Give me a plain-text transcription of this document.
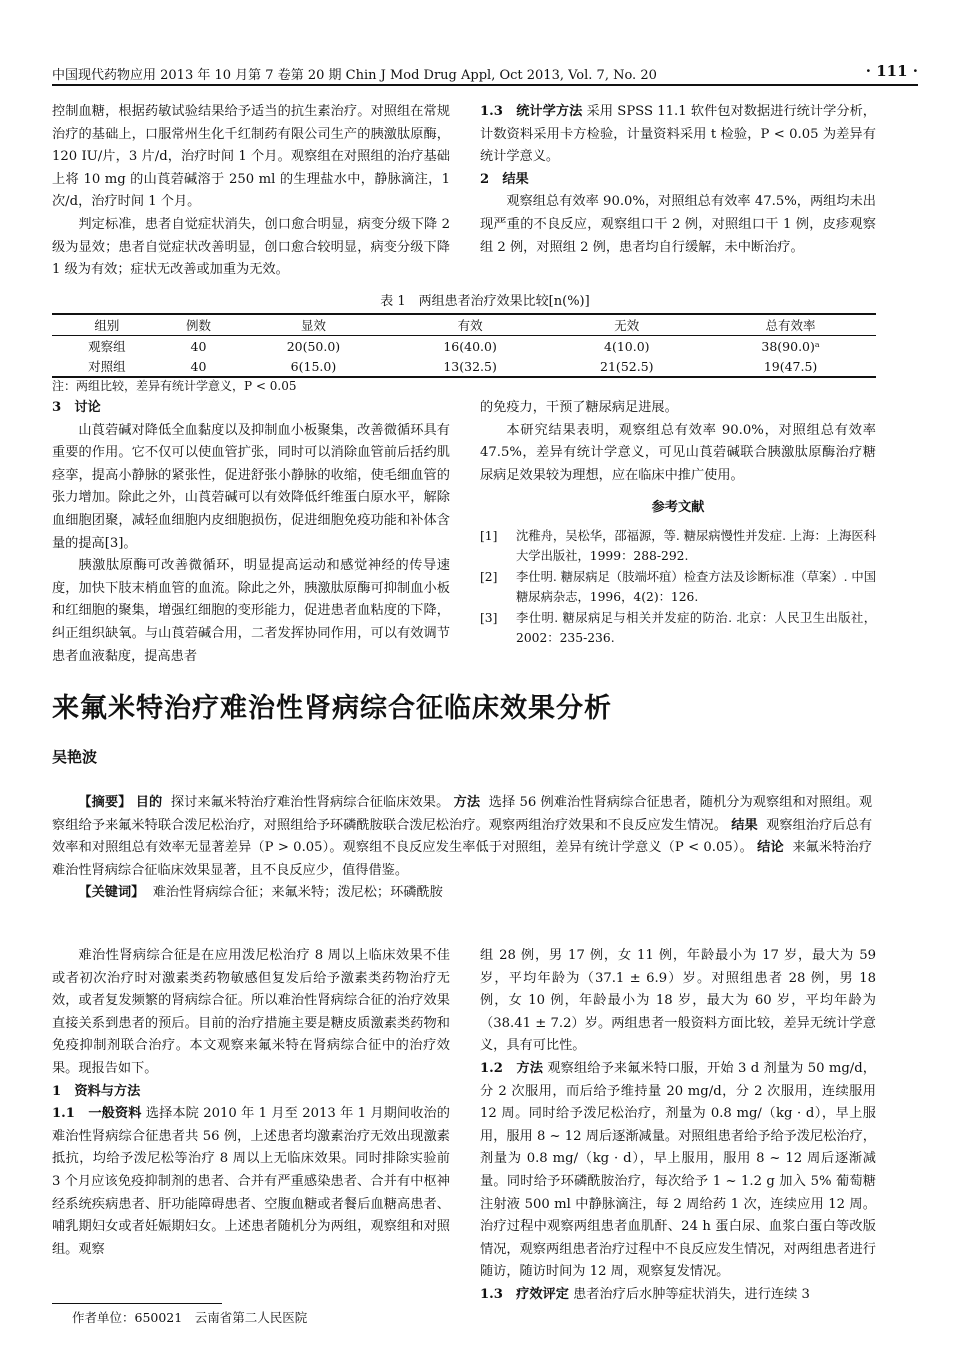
中国现代药物应用 2013 年 10 月第 7 卷第 20 期 Chin J Mod Drug Appl, Oct 2013, Vol. 7, No. 20	· 111 ·

控制血糖，根据药敏试验结果给予适当的抗生素治疗。对照组在常规治疗的基础上，口服常州生化千红制药有限公司生产的胰激肽原酶，120 IU/片，3 片/d，治疗时间 1 个月。观察组在对照组的治疗基础上将 10 mg 的山莨菪碱溶于 250 ml 的生理盐水中，静脉滴注，1 次/d，治疗时间 1 个月。

判定标准，患者自觉症状消失，创口愈合明显，病变分级下降 2 级为显效；患者自觉症状改善明显，创口愈合较明显，病变分级下降 1 级为有效；症状无改善或加重为无效。

1.3　统计学方法 采用 SPSS 11.1 软件包对数据进行统计学分析，计数资料采用卡方检验，计量资料采用 t 检验，P < 0.05 为差异有统计学意义。

2　结果

观察组总有效率 90.0%，对照组总有效率 47.5%，两组均未出现严重的不良反应，观察组口干 2 例，对照组口干 1 例，皮疹观察组 2 例，对照组 2 例，患者均自行缓解，未中断治疗。

表 1　两组患者治疗效果比较[n(%)]
组别	例数	显效	有效	无效	总有效率
观察组	40	20(50.0)	16(40.0)	4(10.0)	38(90.0)ᵃ
对照组	40	6(15.0)	13(32.5)	21(52.5)	19(47.5)
注：两组比较，差异有统计学意义，P < 0.05

3　讨论

山莨菪碱对降低全血黏度以及抑制血小板聚集，改善微循环具有重要的作用。它不仅可以使血管扩张，同时可以消除血管前后括约肌痉挛，提高小静脉的紧张性，促进舒张小静脉的收缩，使毛细血管的张力增加。除此之外，山莨菪碱可以有效降低纤维蛋白原水平，解除血细胞团聚，减轻血细胞内皮细胞损伤，促进细胞免疫功能和补体含量的提高[3]。

胰激肽原酶可改善微循环，明显提高运动和感觉神经的传导速度，加快下肢末梢血管的血流。除此之外，胰激肽原酶可抑制血小板和红细胞的聚集，增强红细胞的变形能力，促进患者血粘度的下降，纠正组织缺氧。与山莨菪碱合用，二者发挥协同作用，可以有效调节患者血液黏度，提高患者

的免疫力，干预了糖尿病足进展。

本研究结果表明，观察组总有效率 90.0%，对照组总有效率 47.5%，差异有统计学意义，可见山莨菪碱联合胰激肽原酶治疗糖尿病足效果较为理想，应在临床中推广使用。

参考文献

[1]	沈稚舟，吴松华，邵福源，等. 糖尿病慢性并发症. 上海：上海医科大学出版社，1999：288-292.
[2]	李仕明. 糖尿病足（肢端坏疽）检查方法及诊断标准（草案）. 中国糖尿病杂志，1996，4(2)：126.
[3]	李仕明. 糖尿病足与相关并发症的防治. 北京：人民卫生出版社，2002：235-236.
来氟米特治疗难治性肾病综合征临床效果分析
吴艳波

【摘要】 目的 探讨来氟米特治疗难治性肾病综合征临床效果。 方法 选择 56 例难治性肾病综合征患者，随机分为观察组和对照组。观察组给予来氟米特联合泼尼松治疗，对照组给予环磷酰胺联合泼尼松治疗。观察两组治疗效果和不良反应发生情况。 结果 观察组治疗后总有效率和对照组总有效率无显著差异（P > 0.05）。观察组不良反应发生率低于对照组，差异有统计学意义（P < 0.05）。 结论 来氟米特治疗难治性肾病综合征临床效果显著，且不良反应少，值得借鉴。

【关键词】 难治性肾病综合征；来氟米特；泼尼松；环磷酰胺

难治性肾病综合征是在应用泼尼松治疗 8 周以上临床效果不佳或者初次治疗时对激素类药物敏感但复发后给予激素类药物治疗无效，或者复发频繁的肾病综合征。所以难治性肾病综合征的治疗效果直接关系到患者的预后。目前的治疗措施主要是糖皮质激素类药物和免疫抑制剂联合治疗。本文观察来氟米特在肾病综合征中的治疗效果。现报告如下。

1　资料与方法

1.1　一般资料 选择本院 2010 年 1 月至 2013 年 1 月期间收治的难治性肾病综合征患者共 56 例，上述患者均激素治疗无效出现激素抵抗，均给予泼尼松等治疗 8 周以上无临床效果。同时排除实验前 3 个月应该免疫抑制剂的患者、合并有严重感染患者、合并有中枢神经系统疾病患者、肝功能障碍患者、空腹血糖或者餐后血糖高患者、哺乳期妇女或者妊娠期妇女。上述患者随机分为两组，观察组和对照组。观察

组 28 例，男 17 例，女 11 例，年龄最小为 17 岁，最大为 59 岁，平均年龄为（37.1 ± 6.9）岁。对照组患者 28 例，男 18 例，女 10 例，年龄最小为 18 岁，最大为 60 岁，平均年龄为（38.41 ± 7.2）岁。两组患者一般资料方面比较，差异无统计学意义，具有可比性。

1.2　方法 观察组给予来氟米特口服，开始 3 d 剂量为 50 mg/d，分 2 次服用，而后给予维持量 20 mg/d，分 2 次服用，连续服用 12 周。同时给予泼尼松治疗，剂量为 0.8 mg/（kg · d），早上服用，服用 8 ~ 12 周后逐渐减量。对照组患者给予给予泼尼松治疗，剂量为 0.8 mg/（kg · d），早上服用，服用 8 ~ 12 周后逐渐减量。同时给予环磷酰胺治疗，每次给予 1 ~ 1.2 g 加入 5% 葡萄糖注射液 500 ml 中静脉滴注，每 2 周给药 1 次，连续应用 12 周。治疗过程中观察两组患者血肌酐、24 h 蛋白尿、血浆白蛋白等改版情况，观察两组患者治疗过程中不良反应发生情况，对两组患者进行随访，随访时间为 12 周，观察复发情况。

1.3　疗效评定 患者治疗后水肿等症状消失，进行连续 3

作者单位：650021　云南省第二人民医院
